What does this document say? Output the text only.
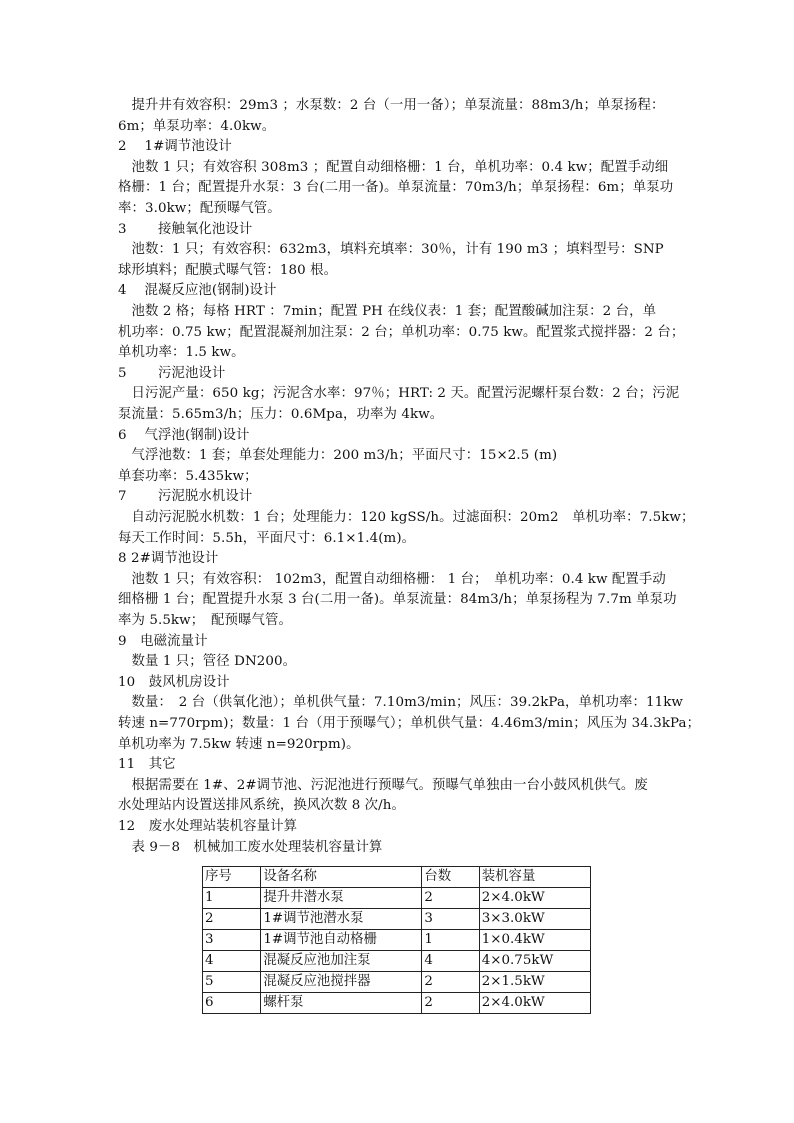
　提升井有效容积：29m3 ；水泵数：2 台（一用一备）；单泵流量：88m3/h；单泵扬程：
6m；单泵功率：4.0kw。
2　 1#调节池设计
　池数 1 只；有效容积 308m3 ；配置自动细格栅：1 台，单机功率：0.4 kw；配置手动细
格栅：1 台；配置提升水泵：3 台(二用一备)。单泵流量：70m3/h；单泵扬程：6m；单泵功
率：3.0kw；配预曝气管。
3　　 接触氧化池设计
　池数：1 只；有效容积：632m3，填料充填率：30％，计有 190 m3 ；填料型号：SNP
球形填料；配膜式曝气管：180 根。
4　 混凝反应池(钢制)设计
　池数 2 格；每格 HRT ：7min；配置 PH 在线仪表：1 套；配置酸碱加注泵：2 台，单
机功率：0.75 kw；配置混凝剂加注泵：2 台；单机功率：0.75 kw。配置浆式搅拌器：2 台；
单机功率：1.5 kw。
5　　 污泥池设计
　日污泥产量：650 kg；污泥含水率：97％；HRT: 2 天。配置污泥螺杆泵台数：2 台；污泥
泵流量：5.65m3/h；压力：0.6Mpa，功率为 4kw。
6　 气浮池(钢制)设计
　气浮池数：1 套；单套处理能力：200 m3/h；平面尺寸：15×2.5 (m)
单套功率：5.435kw；
7　　 污泥脱水机设计
　自动污泥脱水机数：1 台；处理能力：120 kgSS/h。过滤面积：20m2　单机功率：7.5kw；
每天工作时间：5.5h，平面尺寸：6.1×1.4(m)。
8 2#调节池设计
　池数 1 只；有效容积： 102m3，配置自动细格栅： 1 台；　单机功率：0.4 kw 配置手动
细格栅 1 台；配置提升水泵 3 台(二用一备)。单泵流量：84m3/h；单泵扬程为 7.7m 单泵功
率为 5.5kw；　配预曝气管。
9　电磁流量计
　数量 1 只；管径 DN200。
10　鼓风机房设计
　数量：　2 台（供氧化池）；单机供气量：7.10m3/min；风压：39.2kPa，单机功率：11kw
转速 n=770rpm)；数量：1 台（用于预曝气）；单机供气量：4.46m3/min；风压为 34.3kPa；
单机功率为 7.5kw 转速 n=920rpm)。
11　其它
　根据需要在 1#、2#调节池、污泥池进行预曝气。预曝气单独由一台小鼓风机供气。废
水处理站内设置送排风系统，换风次数 8 次/h。
12　废水处理站装机容量计算
　表 9－8　机械加工废水处理装机容量计算
序号	设备名称	台数	装机容量
1	提升井潜水泵	2	2×4.0kW
2	1#调节池潜水泵	3	3×3.0kW
3	1#调节池自动格栅	1	1×0.4kW
4	混凝反应池加注泵	4	4×0.75kW
5	混凝反应池搅拌器	2	2×1.5kW
6	螺杆泵	2	2×4.0kW
